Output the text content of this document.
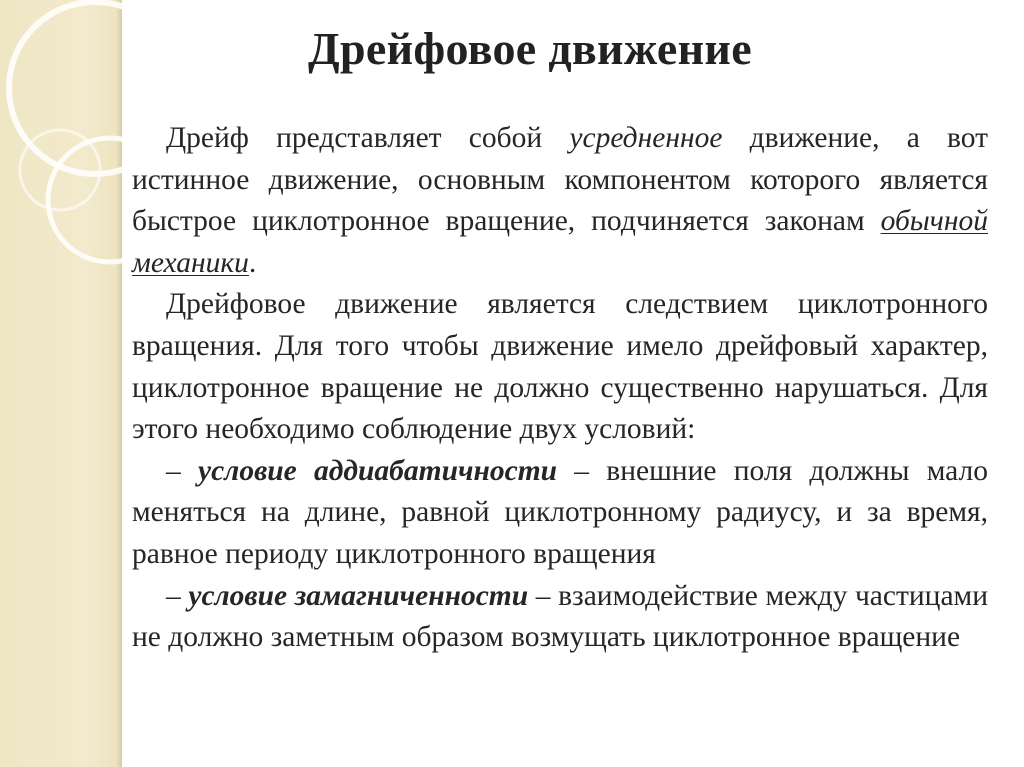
Дрейфовое движение

Дрейф представляет собой усредненное движение, а вот истинное движение, основным компонентом которого является быстрое циклотронное вращение, подчиняется законам обычной механики.

Дрейфовое движение является следствием циклотронного вращения. Для того чтобы движение имело дрейфовый характер, циклотронное вращение не должно существенно нарушаться. Для этого необходимо соблюдение двух условий:

– условие аддиабатичности – внешние поля должны мало меняться на длине, равной циклотронному радиусу, и за время, равное периоду циклотронного вращения

– условие замагниченности – взаимодействие между частицами не должно заметным образом возмущать циклотронное вращение
